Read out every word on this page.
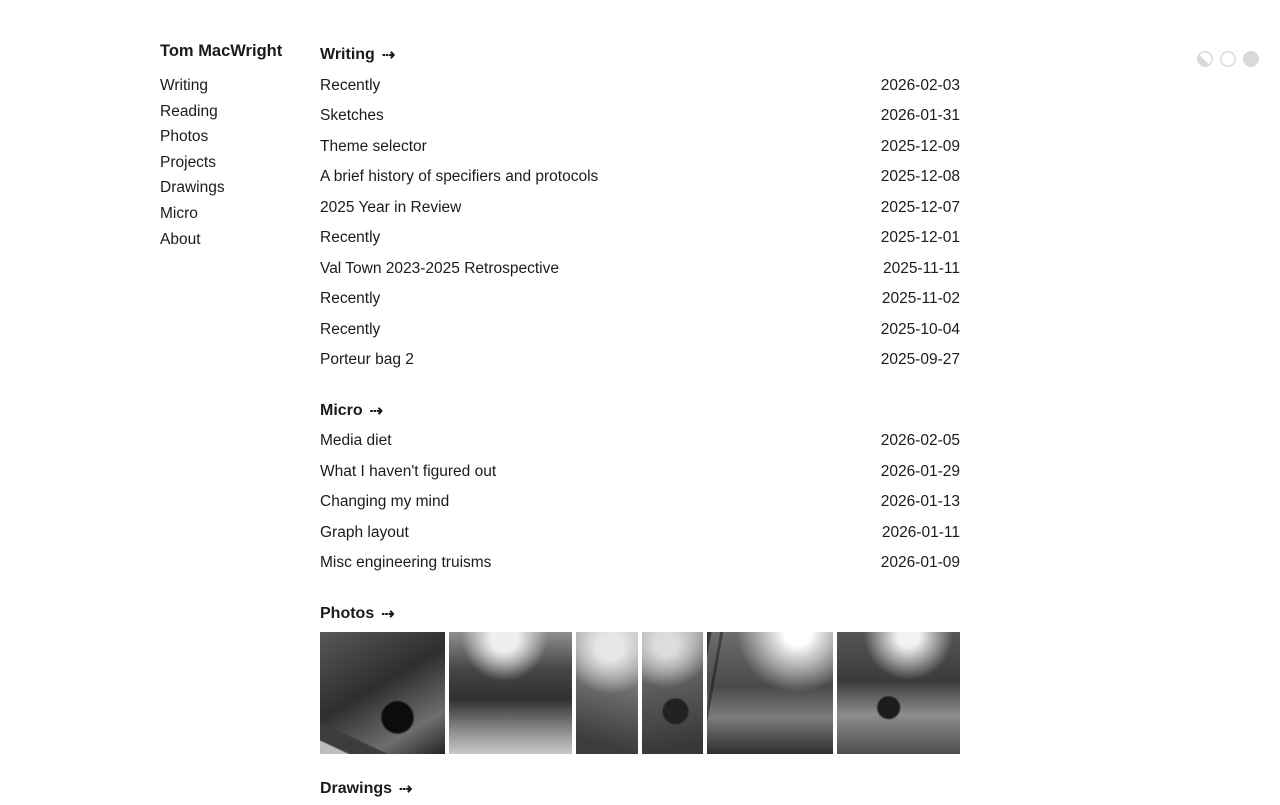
Tom MacWright
Writing
Reading
Photos
Projects
Drawings
Micro
About
Writing ⇢
Recently	2026-02-03
Sketches	2026-01-31
Theme selector	2025-12-09
A brief history of specifiers and protocols	2025-12-08
2025 Year in Review	2025-12-07
Recently	2025-12-01
Val Town 2023-2025 Retrospective	2025-11-11
Recently	2025-11-02
Recently	2025-10-04
Porteur bag 2	2025-09-27
Micro ⇢
Media diet	2026-02-05
What I haven't figured out	2026-01-29
Changing my mind	2026-01-13
Graph layout	2026-01-11
Misc engineering truisms	2026-01-09
Photos ⇢
Drawings ⇢
